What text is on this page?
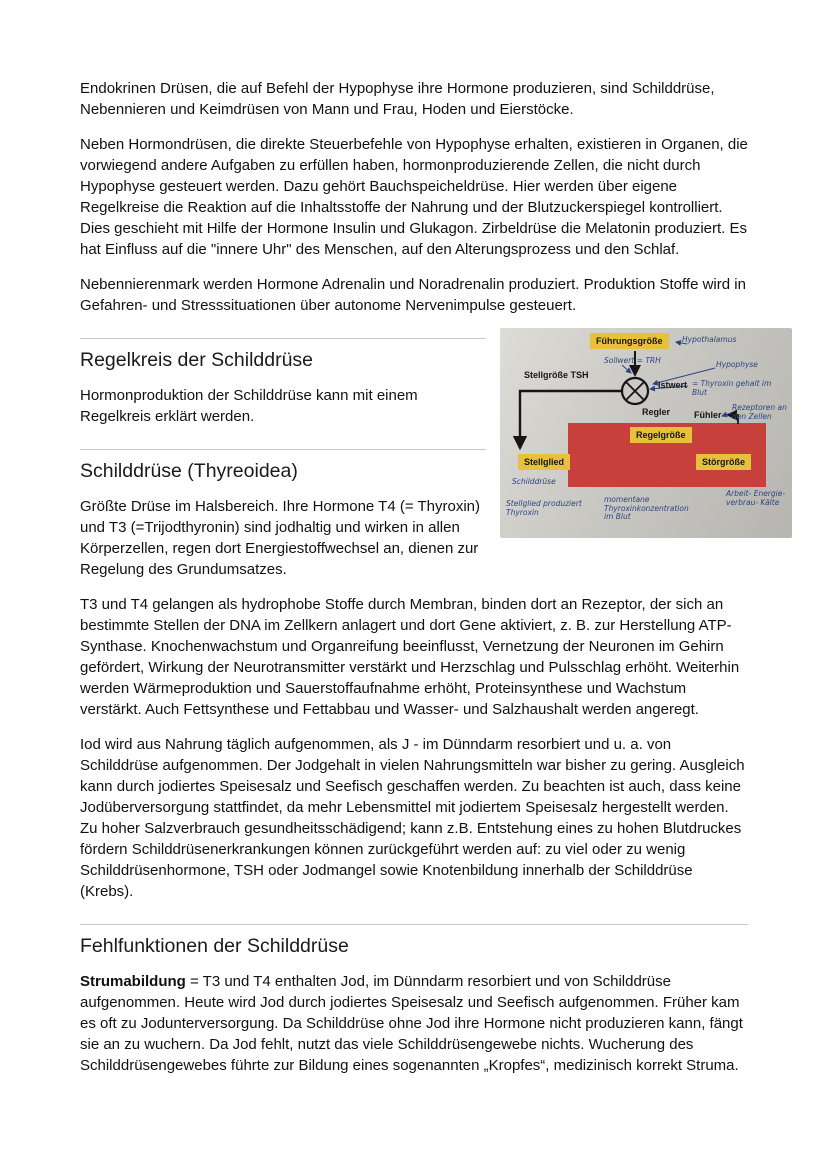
Endokrinen Drüsen, die auf Befehl der Hypophyse ihre Hormone produzieren, sind Schilddrüse, Nebennieren und Keimdrüsen von Mann und Frau, Hoden und Eierstöcke.

Neben Hormondrüsen, die direkte Steuerbefehle von Hypophyse erhalten, existieren in Organen, die vorwiegend andere Aufgaben zu erfüllen haben, hormonproduzierende Zellen, die nicht durch Hypophyse gesteuert werden. Dazu gehört Bauchspeicheldrüse. Hier werden über eigene Regelkreise die Reaktion auf die Inhaltsstoffe der Nahrung und der Blutzuckerspiegel kontrolliert. Dies geschieht mit Hilfe der Hormone Insulin und Glukagon. Zirbeldrüse die Melatonin produziert. Es hat Einfluss auf die "innere Uhr" des Menschen, auf den Alterungsprozess und den Schlaf.

Nebennierenmark werden Hormone Adrenalin und Noradrenalin produziert. Produktion Stoffe wird in Gefahren- und Stresssituationen über autonome Nervenimpulse gesteuert.

Führungsgröße
Regelgröße
Stellglied	Störgröße
Stellgröße TSH
Regler	Fühler
Istwert
Hypothalamus
Sollwert = TRH	Hypophyse
= Thyroxin gehalt im Blut
Rezeptoren an den Zellen
Schilddrüse
Arbeit- Energie- verbrau- Kälte
Stellglied produziert Thyroxin
momentane Thyroxinkonzentration im Blut
Regelkreis der Schilddrüse

Hormonproduktion der Schilddrüse kann mit einem Regelkreis erklärt werden.

Schilddrüse (Thyreoidea)

Größte Drüse im Halsbereich. Ihre Hormone T4 (= Thyroxin) und T3 (=Trijodthyronin) sind jodhaltig und wirken in allen Körperzellen, regen dort Energiestoffwechsel an, dienen zur Regelung des Grundumsatzes.

T3 und T4 gelangen als hydrophobe Stoffe durch Membran, binden dort an Rezeptor, der sich an bestimmte Stellen der DNA im Zellkern anlagert und dort Gene aktiviert, z. B. zur Herstellung ATP-Synthase. Knochenwachstum und Organreifung beeinflusst, Vernetzung der Neuronen im Gehirn gefördert, Wirkung der Neurotransmitter verstärkt und Herzschlag und Pulsschlag erhöht. Weiterhin werden Wärmeproduktion und Sauerstoffaufnahme erhöht, Proteinsynthese und Wachstum verstärkt. Auch Fettsynthese und Fettabbau und Wasser- und Salzhaushalt werden angeregt.

Iod wird aus Nahrung täglich aufgenommen, als J - im Dünndarm resorbiert und u. a. von Schilddrüse aufgenommen. Der Jodgehalt in vielen Nahrungsmitteln war bisher zu gering. Ausgleich kann durch jodiertes Speisesalz und Seefisch geschaffen werden. Zu beachten ist auch, dass keine Jodüberversorgung stattfindet, da mehr Lebensmittel mit jodiertem Speisesalz hergestellt werden. Zu hoher Salzverbrauch gesundheitsschädigend; kann z.B. Entstehung eines zu hohen Blutdruckes fördern Schilddrüsenerkrankungen können zurückgeführt werden auf: zu viel oder zu wenig Schilddrüsenhormone, TSH oder Jodmangel sowie Knotenbildung innerhalb der Schilddrüse (Krebs).

Fehlfunktionen der Schilddrüse

Strumabildung = T3 und T4 enthalten Jod, im Dünndarm resorbiert und von Schilddrüse aufgenommen. Heute wird Jod durch jodiertes Speisesalz und Seefisch aufgenommen. Früher kam es oft zu Jodunterversorgung. Da Schilddrüse ohne Jod ihre Hormone nicht produzieren kann, fängt sie an zu wuchern. Da Jod fehlt, nutzt das viele Schilddrüsengewebe nichts. Wucherung des Schilddrüsengewebes führte zur Bildung eines sogenannten „Kropfes“, medizinisch korrekt Struma.
